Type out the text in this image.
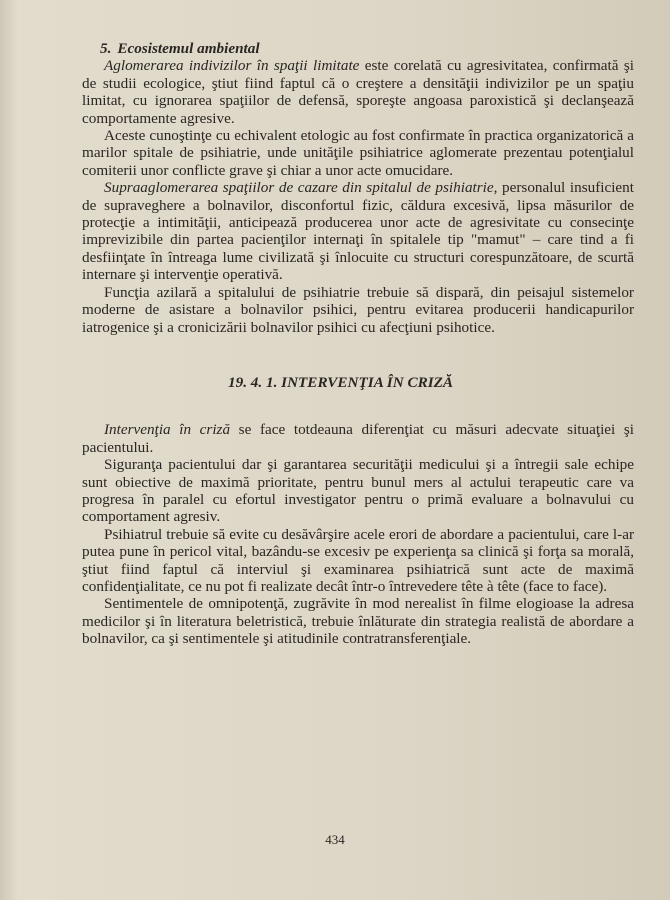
5. Ecosistemul ambiental

Aglomerarea indivizilor în spaţii limitate este corelată cu agresivitatea, confirmată şi de studii ecologice, ştiut fiind faptul că o creştere a densităţii indivizilor pe un spaţiu limitat, cu ignorarea spaţiilor de defensă, sporeşte angoasa paroxistică şi declanşează comportamente agresive.

Aceste cunoştinţe cu echivalent etologic au fost confirmate în practica organizatorică a marilor spitale de psihiatrie, unde unităţile psihiatrice aglomerate prezentau potenţialul comiterii unor conflicte grave şi chiar a unor acte omucidare.

Supraaglomerarea spaţiilor de cazare din spitalul de psihiatrie, personalul insuficient de supraveghere a bolnavilor, disconfortul fizic, căldura excesivă, lipsa măsurilor de protecţie a intimităţii, anticipează producerea unor acte de agresivitate cu consecinţe imprevizibile din partea pacienţilor internaţi în spitalele tip "mamut" – care tind a fi desfiinţate în întreaga lume civilizată şi înlocuite cu structuri corespunzătoare, de scurtă internare şi intervenţie operativă.

Funcţia azilară a spitalului de psihiatrie trebuie să dispară, din peisajul sistemelor moderne de asistare a bolnavilor psihici, pentru evitarea producerii handicapurilor iatrogenice şi a cronicizării bolnavilor psihici cu afecţiuni psihotice.

19. 4. 1. INTERVENŢIA ÎN CRIZĂ

Intervenţia în criză se face totdeauna diferenţiat cu măsuri adecvate situaţiei şi pacientului.

Siguranţa pacientului dar şi garantarea securităţii medicului şi a întregii sale echipe sunt obiective de maximă prioritate, pentru bunul mers al actului terapeutic care va progresa în paralel cu efortul investigator pentru o primă evaluare a bolnavului cu comportament agresiv.

Psihiatrul trebuie să evite cu desăvârşire acele erori de abordare a pacientului, care l-ar putea pune în pericol vital, bazându-se excesiv pe experienţa sa clinică şi forţa sa morală, ştiut fiind faptul că interviul şi examinarea psihiatrică sunt acte de maximă confidenţialitate, ce nu pot fi realizate decât într-o întrevedere tête à tête (face to face).

Sentimentele de omnipotenţă, zugrăvite în mod nerealist în filme elogioase la adresa medicilor şi în literatura beletristică, trebuie înlăturate din strategia realistă de abordare a bolnavilor, ca şi sentimentele şi atitudinile contratransferenţiale.

434
